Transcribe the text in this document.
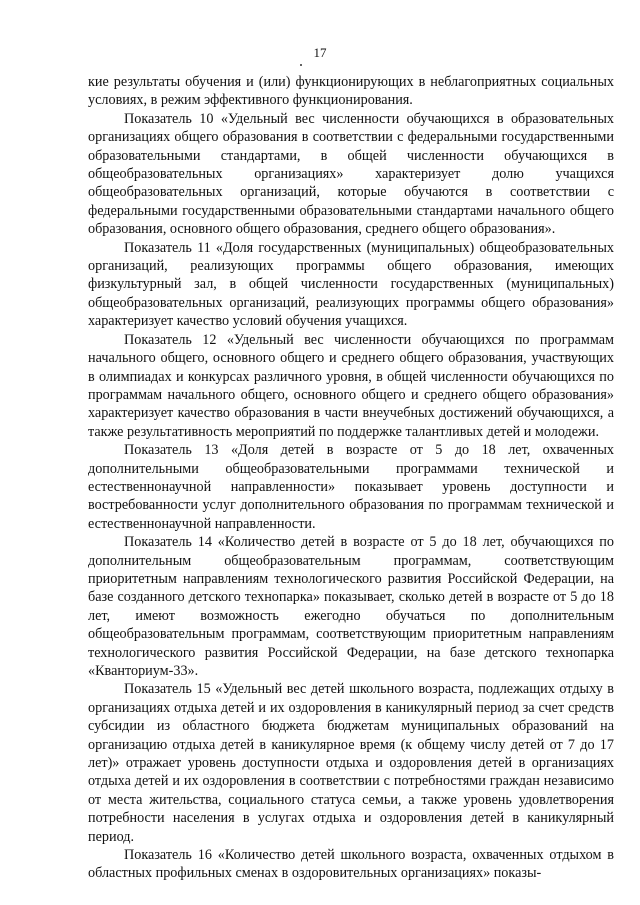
17

кие результаты обучения и (или) функционирующих в неблагоприятных социальных условиях, в режим эффективного функционирования.

Показатель 10 «Удельный вес численности обучающихся в образовательных организациях общего образования в соответствии с федеральными государственными образовательными стандартами, в общей численности обучающихся в общеобразовательных организациях» характеризует долю учащихся общеобразовательных организаций, которые обучаются в соответствии с федеральными государственными образовательными стандартами начального общего образования, основного общего образования, среднего общего образования».

Показатель 11 «Доля государственных (муниципальных) общеобразовательных организаций, реализующих программы общего образования, имеющих физкультурный зал, в общей численности государственных (муниципальных) общеобразовательных организаций, реализующих программы общего образования» характеризует качество условий обучения учащихся.

Показатель 12 «Удельный вес численности обучающихся по программам начального общего, основного общего и среднего общего образования, участвующих в олимпиадах и конкурсах различного уровня, в общей численности обучающихся по программам начального общего, основного общего и среднего общего образования» характеризует качество образования в части внеучебных достижений обучающихся, а также результативность мероприятий по поддержке талантливых детей и молодежи.

Показатель 13 «Доля детей в возрасте от 5 до 18 лет, охваченных дополнительными общеобразовательными программами технической и естественнонаучной направленности» показывает уровень доступности и востребованности услуг дополнительного образования по программам технической и естественнонаучной направленности.

Показатель 14 «Количество детей в возрасте от 5 до 18 лет, обучающихся по дополнительным общеобразовательным программам, соответствующим приоритетным направлениям технологического развития Российской Федерации, на базе созданного детского технопарка» показывает, сколько детей в возрасте от 5 до 18 лет, имеют возможность ежегодно обучаться по дополнительным общеобразовательным программам, соответствующим приоритетным направлениям технологического развития Российской Федерации, на базе детского технопарка «Кванториум-33».

Показатель 15 «Удельный вес детей школьного возраста, подлежащих отдыху в организациях отдыха детей и их оздоровления в каникулярный период за счет средств субсидии из областного бюджета бюджетам муниципальных образований на организацию отдыха детей в каникулярное время (к общему числу детей от 7 до 17 лет)» отражает уровень доступности отдыха и оздоровления детей в организациях отдыха детей и их оздоровления в соответствии с потребностями граждан независимо от места жительства, социального статуса семьи, а также уровень удовлетворения потребности населения в услугах отдыха и оздоровления детей в каникулярный период.

Показатель 16 «Количество детей школьного возраста, охваченных отдыхом в областных профильных сменах в оздоровительных организациях» показы-
